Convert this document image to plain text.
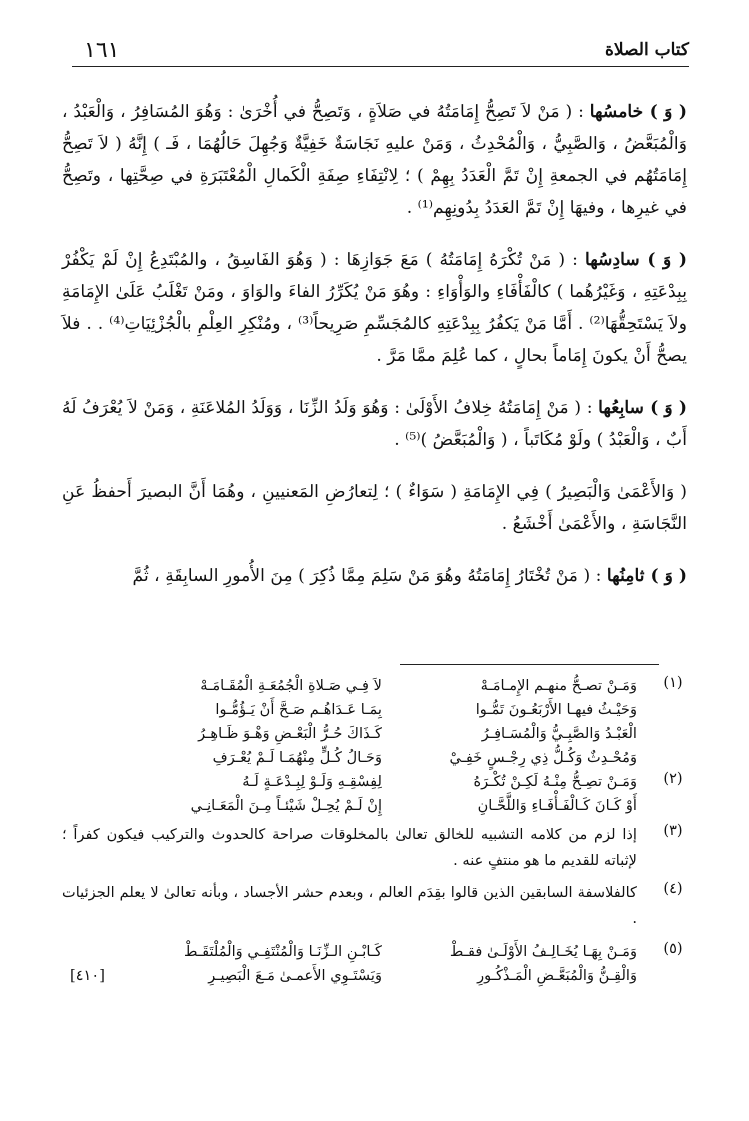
كتاب الصلاة
١٦١

( وَ ) خامسُها : ( مَنْ لاَ تَصِحُّ إِمَامَتُهُ في صَلاَةٍ ، وَتَصِحُّ في أُخْرَىٰ : وَهُوَ المُسَافِرُ ، وَالْعَبْدُ ، وَالْمُبَعَّضُ ، وَالصَّبِيُّ ، وَالْمُحْدِثُ ، وَمَنْ عليهِ نَجَاسَةٌ خَفِيَّةٌ وَجُهِلَ حَالُهُمَا ، فَـ ) إِنَّهُ ( لاَ تَصِحُّ إِمَامَتُهُم في الجمعةِ إِنْ تَمَّ الْعَدَدُ بِهِمْ ) ؛ لِانْتِفَاءِ صِفَةِ الْكَمالِ الْمُعْتَبَرَةِ في صِحَّتِها ، وتَصِحُّ في غيرِها ، وفيهَا إِنْ تَمَّ العَدَدُ بِدُونِهِم⁽¹⁾ .

( وَ ) سادِسُها : ( مَنْ تُكْرَهُ إِمَامَتُهُ ) مَعَ جَوَازِهَا : ( وَهُوَ الفَاسِقُ ، والمُبْتَدِعُ إِنْ لَمْ يَكْفُرْ بِبِدْعَتِهِ ، وَغَيْرُهُما ) كالْفَأْفَاءِ والوَأْوَاءِ : وهُوَ مَنْ يُكَرِّرُ الفاءَ والوَاوَ ، ومَنْ تَغْلَبُ عَلَىٰ الإِمَامَةِ ولاَ يَسْتَحِقُّهَا⁽²⁾ . أَمَّا مَنْ يَكفُرُ بِبِدْعَتِهِ كالمُجَسِّمِ صَرِيحاً⁽³⁾ ، ومُنْكِرِ العِلْمِ بالْجُزْئِيَاتِ⁽⁴⁾ . . فلاَ يصحُّ أَنْ يكونَ إِمَاماً بحالٍ ، كما عُلِمَ ممَّا مَرَّ .

( وَ ) سابِعُها : ( مَنْ إِمَامَتُهُ خِلافُ الأَوْلَىٰ : وَهُوَ وَلَدُ الزِّنَا ، وَوَلَدُ المُلاعَنَةِ ، وَمَنْ لاَ يُعْرَفُ لَهُ أَبٌ ، وَالْعَبْدُ ) ولَوْ مُكَاتَباً ، ( وَالْمُبَعَّضُ )⁽⁵⁾ .

( وَالأَعْمَىٰ وَالْبَصِيرُ ) فِي الإِمَامَةِ ( سَوَاءٌ ) ؛ لِتعارُضِ المَعنيينِ ، وهُمَا أَنَّ البصيرَ أَحفظُ عَنِ النَّجَاسَةِ ، والأَعْمَىٰ أَخْشَعُ .

( وَ ) ثامِنُها : ( مَنْ تُخْتَارُ إِمَامَتُهُ وهُوَ مَنْ سَلِمَ مِمَّا ذُكِرَ ) مِنَ الأُمورِ السابِقَةِ ، ثُمَّ

(١)
وَمَـنْ تصـحُّ منهـم الإِمـامَـهْ
لاَ فِـي صَـلاةِ الْجُمُعَـةِ الْمُقَـامَـهْ
وَحَيْـثُ فيهـا الأَرْبَعُـونَ تَمُّـوا
بِمَـا عَـدَاهُـم صَـحَّ أَنْ يَـؤُمُّـوا
الْعَبْـدُ وَالصَّبِـيُّ وَالْمُسَـافِـرُ
كَـذَاكَ حُـرُّ الْبَعْـضِ وَهْـوَ ظَـاهِـرُ
وَمُحْـدِثٌ وَكُـلُّ ذِي رِجْـسٍ خَفِـيْ
وَحَـالُ كُـلٍّ مِنْهُمَـا لَـمْ يُعْـرَفِ
(٢)
وَمَـنْ تصِـحُّ مِنْـهُ لَكِـنْ تُكْـرَهُ
لِفِسْقِـهِ وَلَـوْ لِبِـدْعَـةٍ لَـهُ
أَوْ كَـانَ كَـالْفَـأْفَـاءِ وَاللَّحَّـانِ
إِنْ لَـمْ يُحِـلْ شَيْئـاً مِـنَ الْمَعَـانِـي
(٣)
إذا لزم من كلامه التشبيه للخالق تعالىٰ بالمخلوقات صراحة كالحدوث والتركيب فيكون كفراً ؛ لإثباته للقديم ما هو منتفٍ عنه .
(٤)
كالفلاسفة السابقين الذين قالوا بقِدَم العالم ، وبعدم حشر الأجساد ، وبأنه تعالىٰ لا يعلم الجزئيات .
(٥)
وَمَـنْ بِهَـا يُخَـالِـفُ الأَوْلَـىٰ فقـطْ
كَـابْـنِ الـزِّنَـا وَالْمُنْتَفِـي وَالْمُلْتَقَـطْ
وَالْقِـنُّ وَالْمُبَعَّـضِ الْمَـذْكُـورِ
وَيَسْتَـوِي الأَعمـىٰ مَـعَ الْبَصِيـرِ
[٤١٠]
